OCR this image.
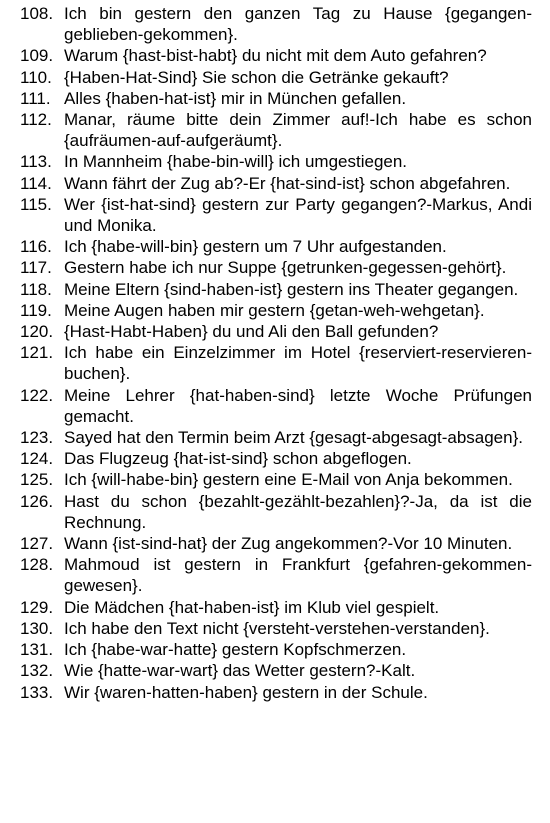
108. Ich bin gestern den ganzen Tag zu Hause {gegangen-geblieben-gekommen}.
109. Warum {hast-bist-habt} du nicht mit dem Auto gefahren?
110. {Haben-Hat-Sind} Sie schon die Getränke gekauft?
111. Alles {haben-hat-ist} mir in München gefallen.
112. Manar, räume bitte dein Zimmer auf!-Ich habe es schon {aufräumen-auf-aufgeräumt}.
113. In Mannheim {habe-bin-will} ich umgestiegen.
114. Wann fährt der Zug ab?-Er {hat-sind-ist} schon abgefahren.
115. Wer {ist-hat-sind} gestern zur Party gegangen?-Markus, Andi und Monika.
116. Ich {habe-will-bin} gestern um 7 Uhr aufgestanden.
117. Gestern habe ich nur Suppe {getrunken-gegessen-gehört}.
118. Meine Eltern {sind-haben-ist} gestern ins Theater gegangen.
119. Meine Augen haben mir gestern {getan-weh-wehgetan}.
120. {Hast-Habt-Haben} du und Ali den Ball gefunden?
121. Ich habe ein Einzelzimmer im Hotel {reserviert-reservieren-buchen}.
122. Meine Lehrer {hat-haben-sind} letzte Woche Prüfungen gemacht.
123. Sayed hat den Termin beim Arzt {gesagt-abgesagt-absagen}.
124. Das Flugzeug {hat-ist-sind} schon abgeflogen.
125. Ich {will-habe-bin} gestern eine E-Mail von Anja bekommen.
126. Hast du schon {bezahlt-gezählt-bezahlen}?-Ja, da ist die Rechnung.
127. Wann {ist-sind-hat} der Zug angekommen?-Vor 10 Minuten.
128. Mahmoud ist gestern in Frankfurt {gefahren-gekommen-gewesen}.
129. Die Mädchen {hat-haben-ist} im Klub viel gespielt.
130. Ich habe den Text nicht {versteht-verstehen-verstanden}.
131. Ich {habe-war-hatte} gestern Kopfschmerzen.
132. Wie {hatte-war-wart} das Wetter gestern?-Kalt.
133. Wir {waren-hatten-haben} gestern in der Schule.
